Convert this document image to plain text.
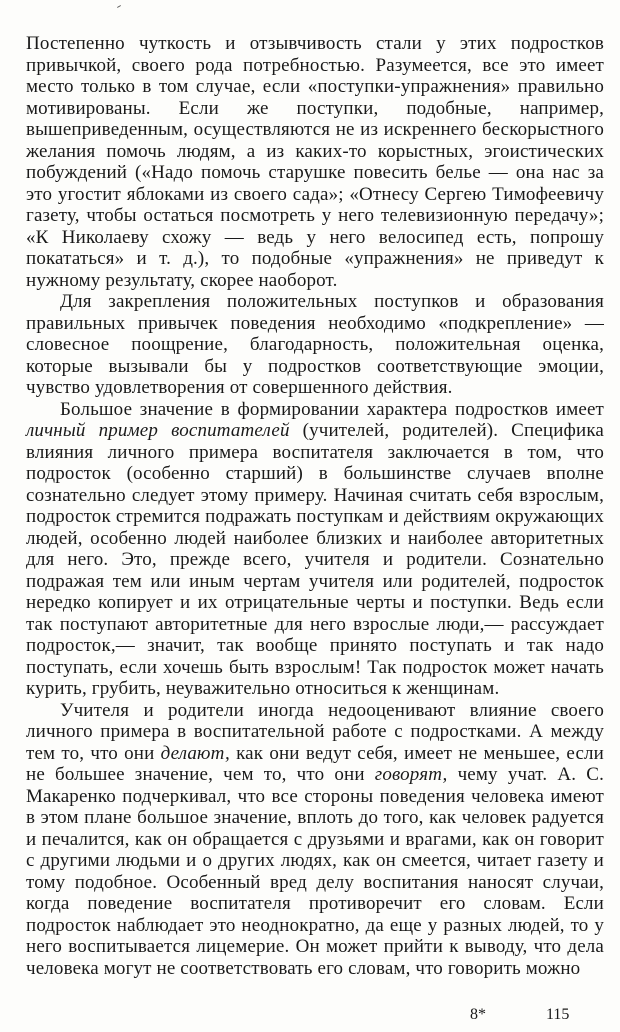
Постепенно чуткость и отзывчивость стали у этих подростков привычкой, своего рода потребностью. Разумеется, все это имеет место только в том случае, если «поступки-упражнения» правильно мотивированы. Если же поступки, подобные, например, вышеприведенным, осуществляются не из искреннего бескорыстного желания помочь людям, а из каких-то корыстных, эгоистических побуждений («Надо помочь старушке повесить белье — она нас за это угостит яблоками из своего сада»; «Отнесу Сергею Тимофеевичу газету, чтобы остаться посмотреть у него телевизионную передачу»; «К Николаеву схожу — ведь у него велосипед есть, попрошу покататься» и т. д.), то подобные «упражнения» не приведут к нужному результату, скорее наоборот.

Для закрепления положительных поступков и образования правильных привычек поведения необходимо «подкрепление» — словесное поощрение, благодарность, положительная оценка, которые вызывали бы у подростков соответствующие эмоции, чувство удовлетворения от совершенного действия.

Большое значение в формировании характера подростков имеет личный пример воспитателей (учителей, родителей). Специфика влияния личного примера воспитателя заключается в том, что подросток (особенно старший) в большинстве случаев вполне сознательно следует этому примеру. Начиная считать себя взрослым, подросток стремится подражать поступкам и действиям окружающих людей, особенно людей наиболее близких и наиболее авторитетных для него. Это, прежде всего, учителя и родители. Сознательно подражая тем или иным чертам учителя или родителей, подросток нередко копирует и их отрицательные черты и поступки. Ведь если так поступают авторитетные для него взрослые люди,— рассуждает подросток,— значит, так вообще принято поступать и так надо поступать, если хочешь быть взрослым! Так подросток может начать курить, грубить, неуважительно относиться к женщинам.

Учителя и родители иногда недооценивают влияние своего личного примера в воспитательной работе с подростками. А между тем то, что они делают, как они ведут себя, имеет не меньшее, если не большее значение, чем то, что они говорят, чему учат. А. С. Макаренко подчеркивал, что все стороны поведения человека имеют в этом плане большое значение, вплоть до того, как человек радуется и печалится, как он обращается с друзьями и врагами, как он говорит с другими людьми и о других людях, как он смеется, читает газету и тому подобное. Особенный вред делу воспитания наносят случаи, когда поведение воспитателя противоречит его словам. Если подросток наблюдает это неоднократно, да еще у разных людей, то у него воспитывается лицемерие. Он может прийти к выводу, что дела человека могут не соответствовать его словам, что говорить можно

8*	115
